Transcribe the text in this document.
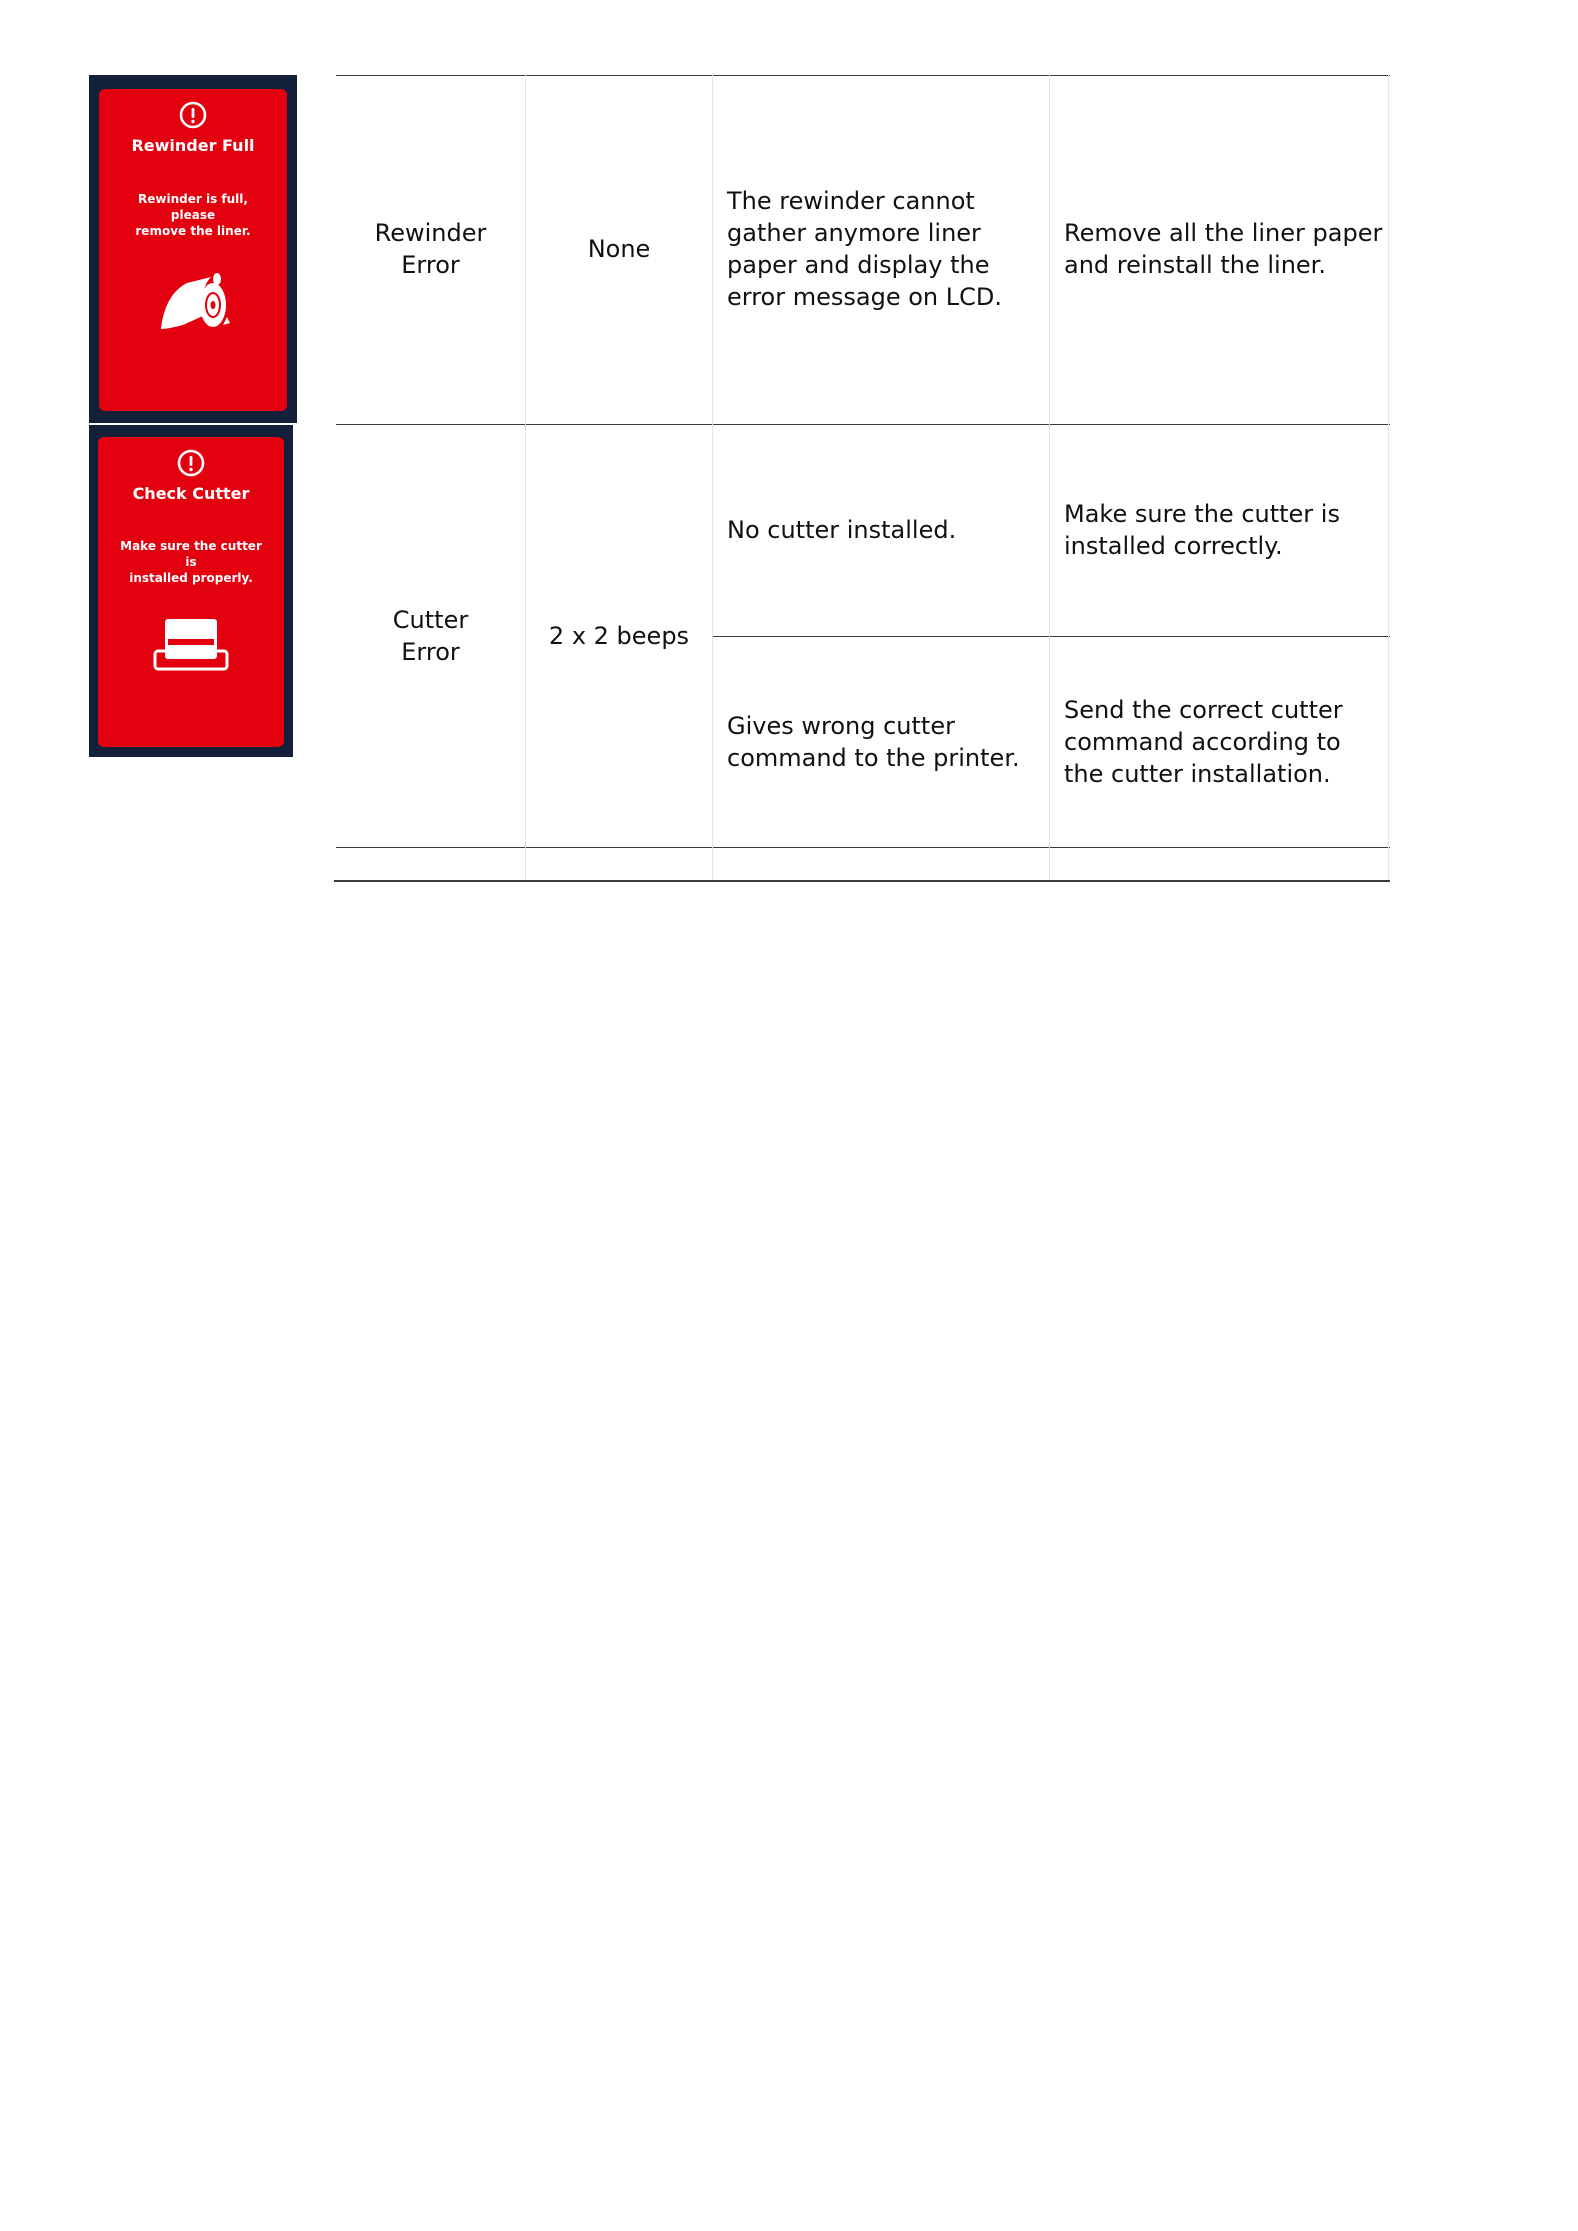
Rewinder Full
Rewinder is full, please
remove the liner.
Check Cutter
Make sure the cutter is
installed properly.
Rewinder
Error
None
The rewinder cannot
gather anymore liner
paper and display the
error message on LCD.
Remove all the liner paper
and reinstall the liner.
Cutter
Error
2 x 2 beeps
No cutter installed.
Make sure the cutter is
installed correctly.
Gives wrong cutter
command to the printer.
Send the correct cutter
command according to
the cutter installation.
